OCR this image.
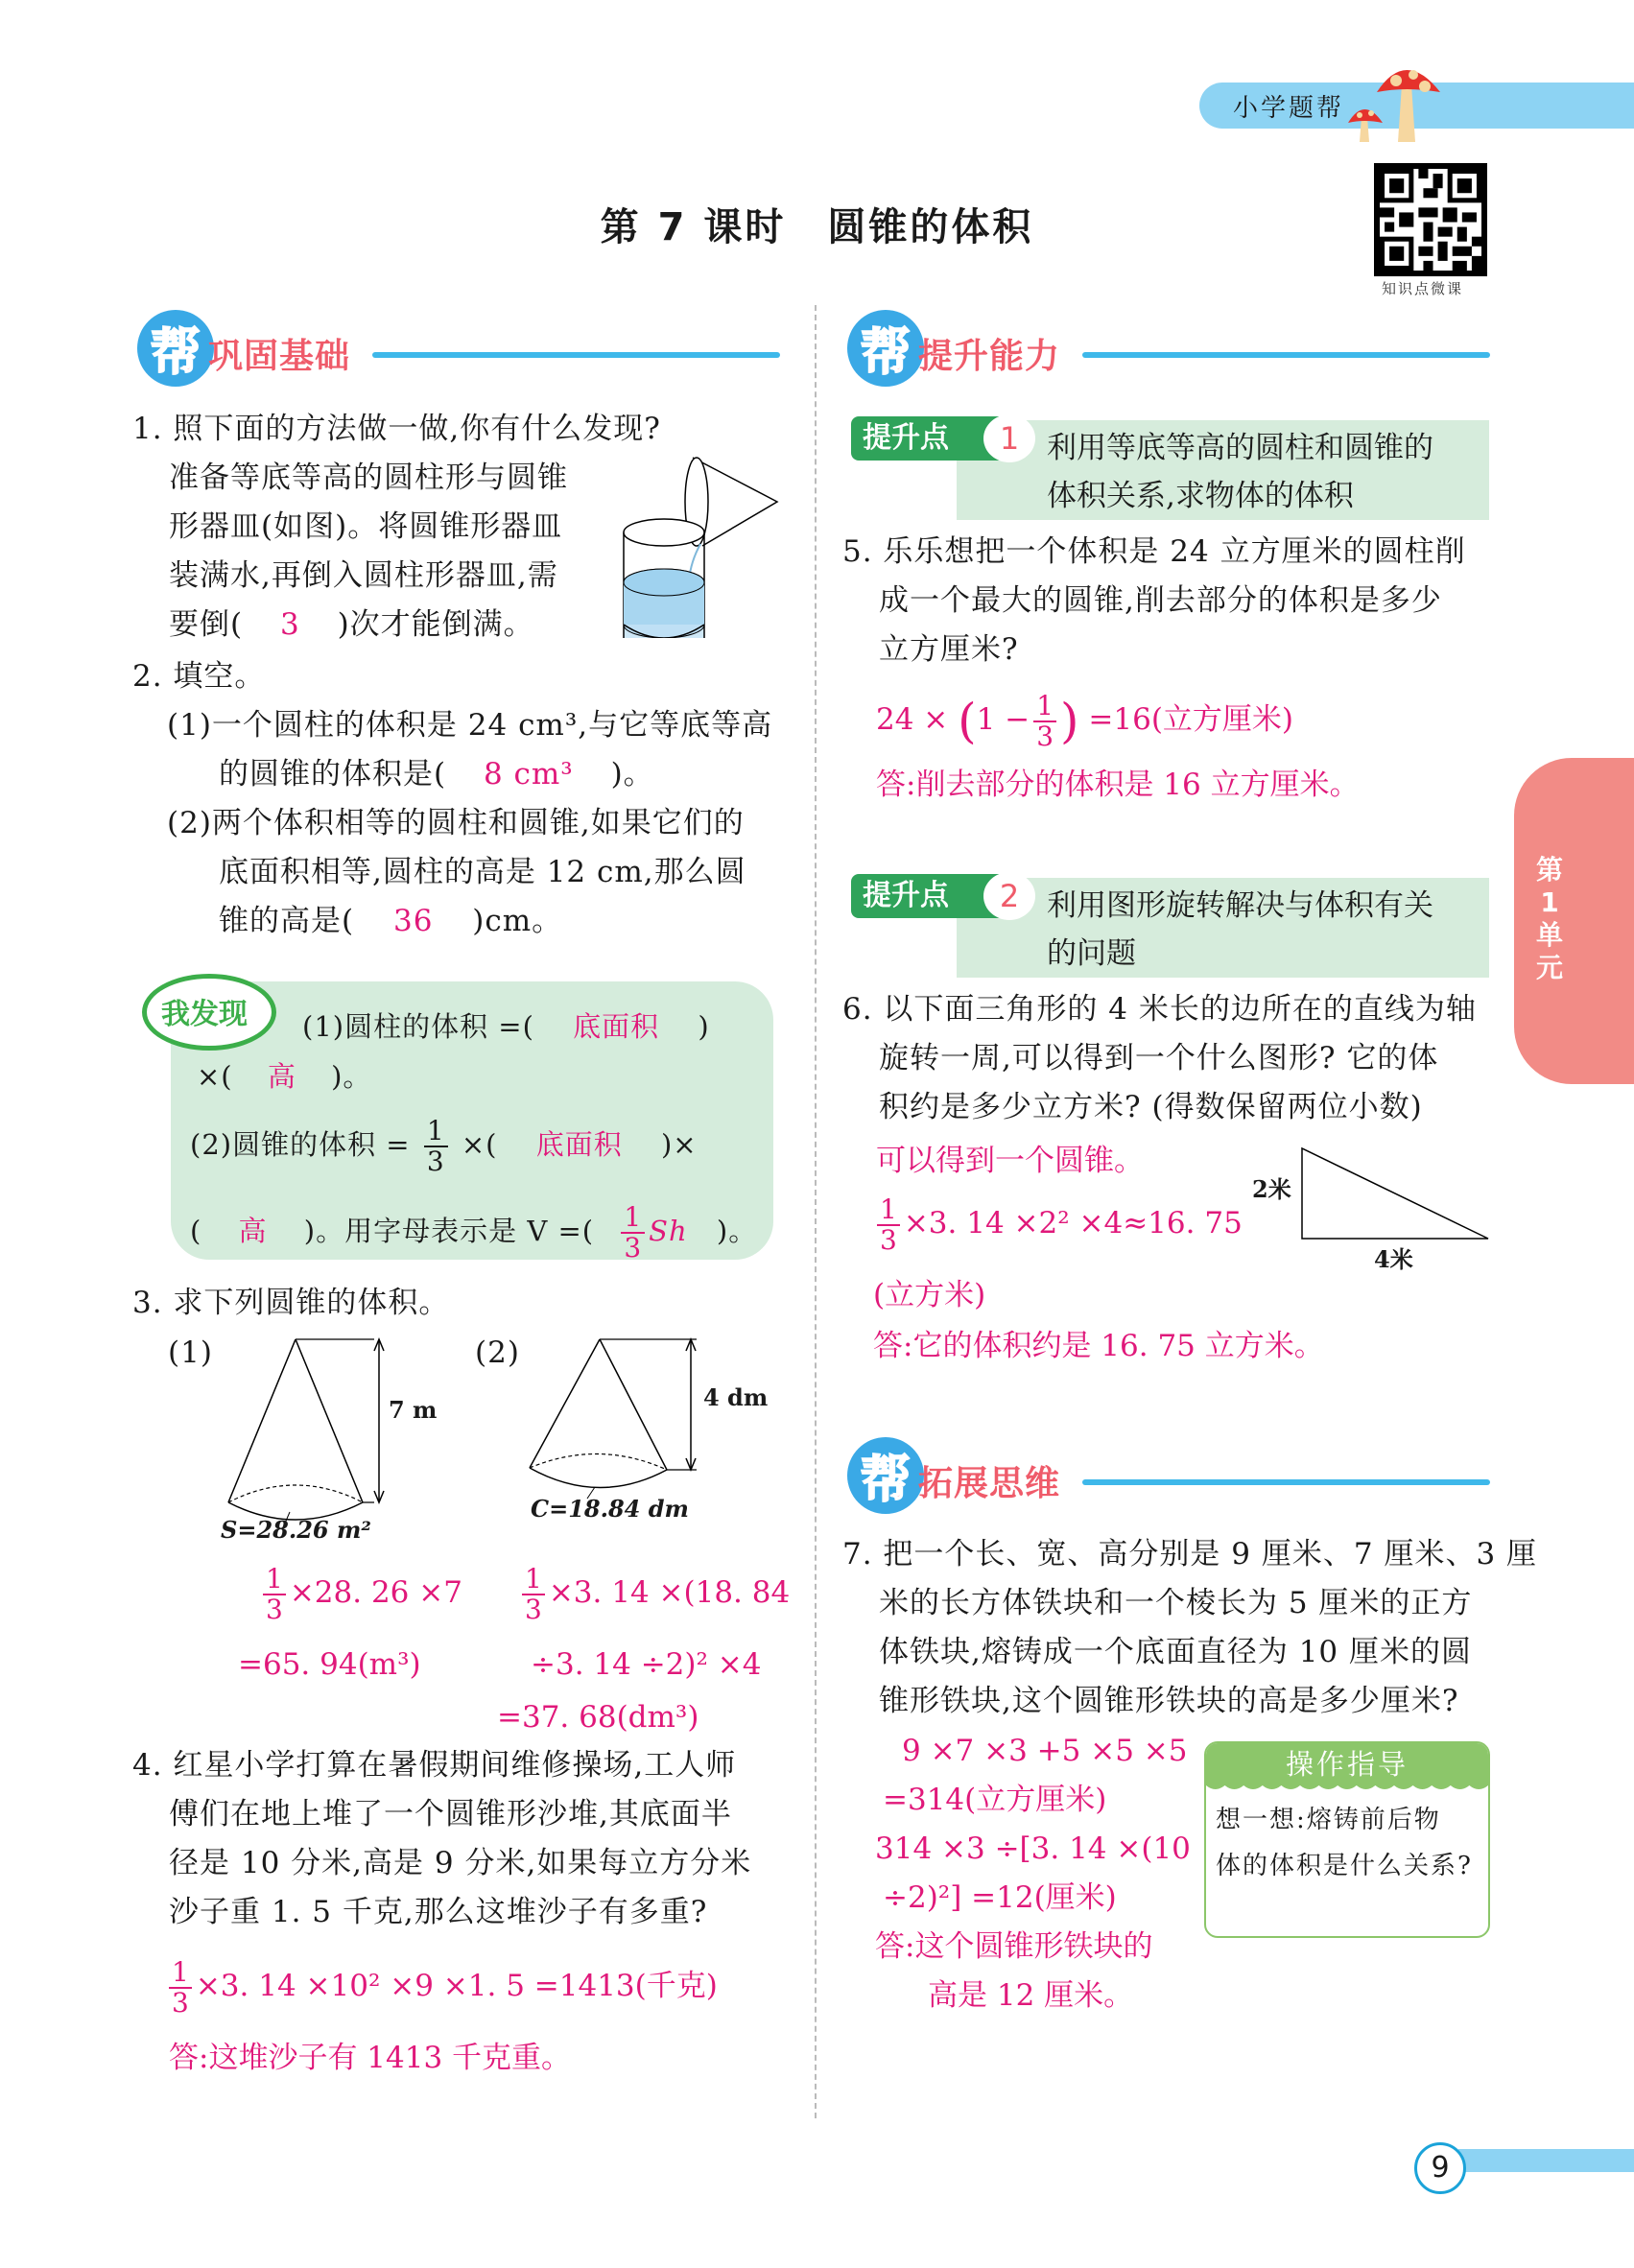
小学题帮
知识点微课
第 7 课时　圆锥的体积
帮 巩固基础
1. 照下面的方法做一做,你有什么发现?
准备等底等高的圆柱形与圆锥
形器皿(如图)。将圆锥形器皿
装满水,再倒入圆柱形器皿,需
要倒( 3 )次才能倒满。
2. 填空。
(1)一个圆柱的体积是 24 cm³,与它等底等高
的圆锥的体积是( 8 cm³ )。
(2)两个体积相等的圆柱和圆锥,如果它们的
底面积相等,圆柱的高是 12 cm,那么圆
锥的高是( 36 )cm。
我发现 (1)圆柱的体积 =( 底面积 )
×( 高 )。
(2)圆锥的体积 = $\frac{1}{3}$ ×( 底面积 )×
( 高 )。用字母表示是 V =( $\frac{1}{3}$ Sh )。
3. 求下列圆锥的体积。
(1)	(2)
7 m
S=28.26 m²
4 dm
C=18.84 dm
$\frac{1}{3} \times 28$. 26 ×7
=65. 94(m³)
$\frac{1}{3} \times 3$. 14 ×(18. 84
÷3. 14 ÷2)² ×4
=37. 68(dm³)
4. 红星小学打算在暑假期间维修操场,工人师
傅们在地上堆了一个圆锥形沙堆,其底面半
径是 10 分米,高是 9 分米,如果每立方分米
沙子重 1. 5 千克,那么这堆沙子有多重?
$\frac{1}{3} \times 3$. 14 ×10² ×9 ×1. 5 =1413(千克)
答:这堆沙子有 1413 千克重。
帮 提升能力
提升点	1 利用等底等高的圆柱和圆锥的
体积关系,求物体的体积
5. 乐乐想把一个体积是 24 立方厘米的圆柱削
成一个最大的圆锥,削去部分的体积是多少
立方厘米?
$24 \times (1 - \frac{1}{3}$ ) =16(立方厘米)
答:削去部分的体积是 16 立方厘米。
提升点	2 利用图形旋转解决与体积有关
的问题
6. 以下面三角形的 4 米长的边所在的直线为轴
旋转一周,可以得到一个什么图形? 它的体
积约是多少立方米? (得数保留两位小数)
可以得到一个圆锥。
$\frac{1}{3} \times 3$. 14 ×2² ×4≈16. 75
(立方米)
答:它的体积约是 16. 75 立方米。
2米
4米
帮 拓展思维
7. 把一个长、宽、高分别是 9 厘米、7 厘米、3 厘
米的长方体铁块和一个棱长为 5 厘米的正方
体铁块,熔铸成一个底面直径为 10 厘米的圆
锥形铁块,这个圆锥形铁块的高是多少厘米?
9 ×7 ×3 +5 ×5 ×5
=314(立方厘米)
314 ×3 ÷[3. 14 ×(10
÷2)²] =12(厘米)
答:这个圆锥形铁块的
高是 12 厘米。
操作指导
想一想:熔铸前后物
体的体积是什么关系?
第
1
单
元
9
